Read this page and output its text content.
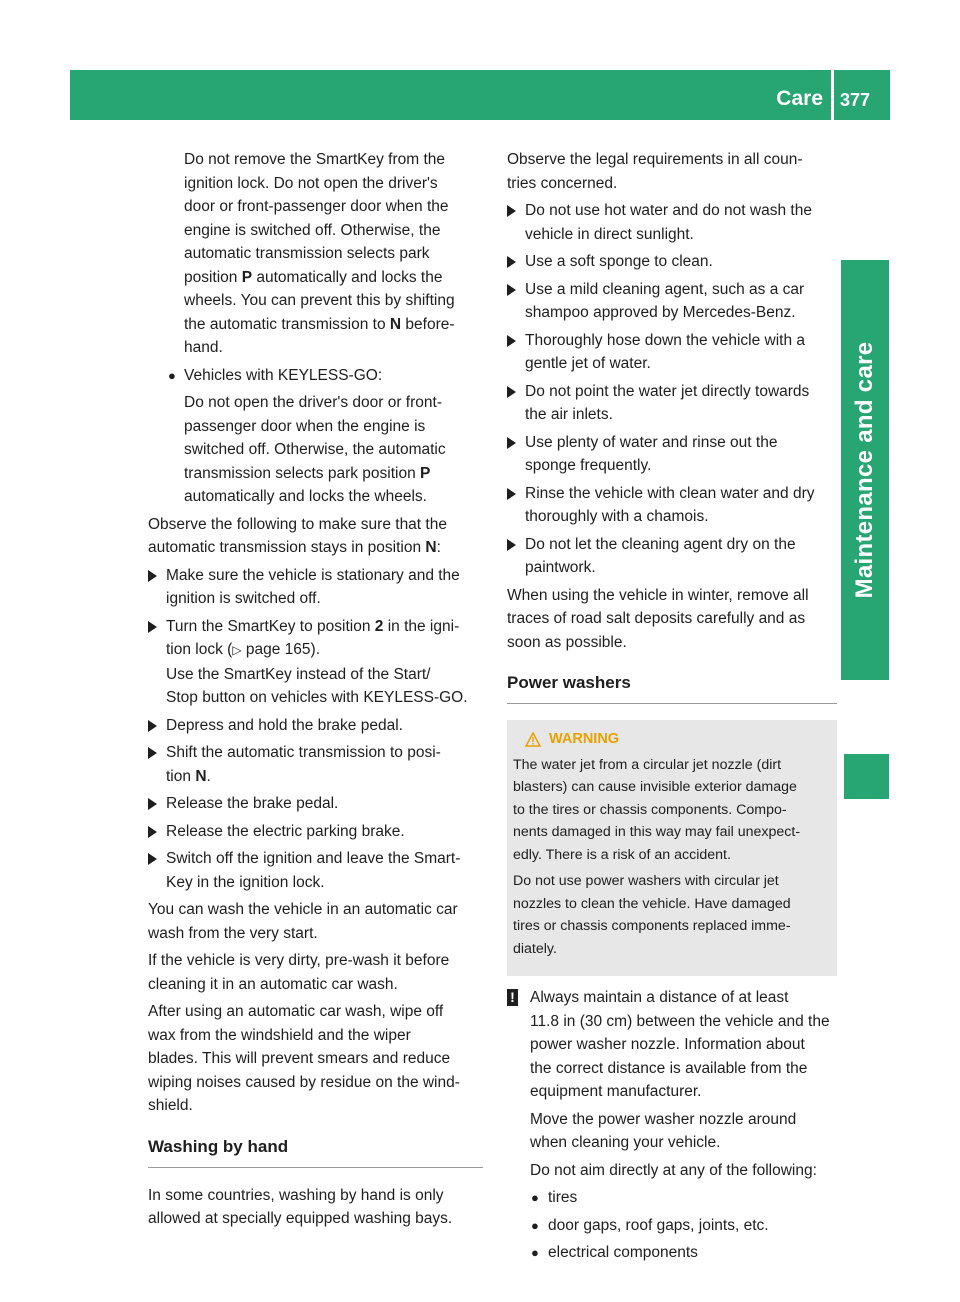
Care 377
Maintenance and care
Do not remove the SmartKey from the
ignition lock. Do not open the driver's
door or front-passenger door when the
engine is switched off. Otherwise, the
automatic transmission selects park
position P automatically and locks the
wheels. You can prevent this by shifting
the automatic transmission to N before-
hand.
● Vehicles with KEYLESS-GO:
Do not open the driver's door or front-
passenger door when the engine is
switched off. Otherwise, the automatic
transmission selects park position P
automatically and locks the wheels.
Observe the following to make sure that the
automatic transmission stays in position N:
Make sure the vehicle is stationary and the
ignition is switched off.
Turn the SmartKey to position 2 in the igni-
tion lock (▷ page 165).
Use the SmartKey instead of the Start/
Stop button on vehicles with KEYLESS-GO.
Depress and hold the brake pedal.
Shift the automatic transmission to posi-
tion N.
Release the brake pedal.
Release the electric parking brake.
Switch off the ignition and leave the Smart-
Key in the ignition lock.
You can wash the vehicle in an automatic car
wash from the very start.
If the vehicle is very dirty, pre-wash it before
cleaning it in an automatic car wash.
After using an automatic car wash, wipe off
wax from the windshield and the wiper
blades. This will prevent smears and reduce
wiping noises caused by residue on the wind-
shield.
Washing by hand
In some countries, washing by hand is only
allowed at specially equipped washing bays.
Observe the legal requirements in all coun-
tries concerned.
Do not use hot water and do not wash the
vehicle in direct sunlight.
Use a soft sponge to clean.
Use a mild cleaning agent, such as a car
shampoo approved by Mercedes-Benz.
Thoroughly hose down the vehicle with a
gentle jet of water.
Do not point the water jet directly towards
the air inlets.
Use plenty of water and rinse out the
sponge frequently.
Rinse the vehicle with clean water and dry
thoroughly with a chamois.
Do not let the cleaning agent dry on the
paintwork.
When using the vehicle in winter, remove all
traces of road salt deposits carefully and as
soon as possible.
Power washers
WARNING

The water jet from a circular jet nozzle (dirt
blasters) can cause invisible exterior damage
to the tires or chassis components. Compo-
nents damaged in this way may fail unexpect-
edly. There is a risk of an accident.

Do not use power washers with circular jet
nozzles to clean the vehicle. Have damaged
tires or chassis components replaced imme-
diately.

! Always maintain a distance of at least
11.8 in (30 cm) between the vehicle and the
power washer nozzle. Information about
the correct distance is available from the
equipment manufacturer.

Move the power washer nozzle around
when cleaning your vehicle.

Do not aim directly at any of the following:

● tires
● door gaps, roof gaps, joints, etc.
● electrical components
